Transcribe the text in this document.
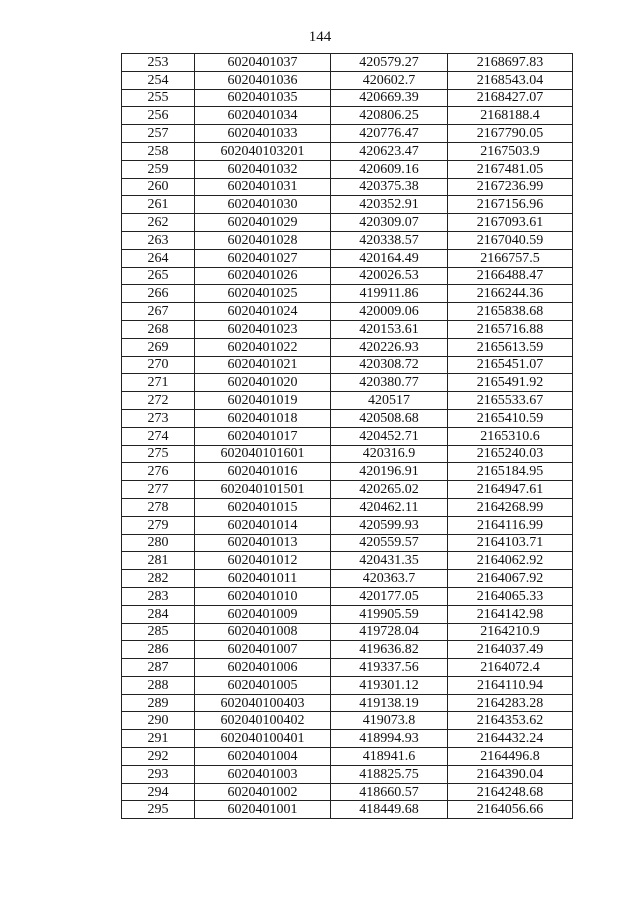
144
253	6020401037	420579.27	2168697.83
254	6020401036	420602.7	2168543.04
255	6020401035	420669.39	2168427.07
256	6020401034	420806.25	2168188.4
257	6020401033	420776.47	2167790.05
258	602040103201	420623.47	2167503.9
259	6020401032	420609.16	2167481.05
260	6020401031	420375.38	2167236.99
261	6020401030	420352.91	2167156.96
262	6020401029	420309.07	2167093.61
263	6020401028	420338.57	2167040.59
264	6020401027	420164.49	2166757.5
265	6020401026	420026.53	2166488.47
266	6020401025	419911.86	2166244.36
267	6020401024	420009.06	2165838.68
268	6020401023	420153.61	2165716.88
269	6020401022	420226.93	2165613.59
270	6020401021	420308.72	2165451.07
271	6020401020	420380.77	2165491.92
272	6020401019	420517	2165533.67
273	6020401018	420508.68	2165410.59
274	6020401017	420452.71	2165310.6
275	602040101601	420316.9	2165240.03
276	6020401016	420196.91	2165184.95
277	602040101501	420265.02	2164947.61
278	6020401015	420462.11	2164268.99
279	6020401014	420599.93	2164116.99
280	6020401013	420559.57	2164103.71
281	6020401012	420431.35	2164062.92
282	6020401011	420363.7	2164067.92
283	6020401010	420177.05	2164065.33
284	6020401009	419905.59	2164142.98
285	6020401008	419728.04	2164210.9
286	6020401007	419636.82	2164037.49
287	6020401006	419337.56	2164072.4
288	6020401005	419301.12	2164110.94
289	602040100403	419138.19	2164283.28
290	602040100402	419073.8	2164353.62
291	602040100401	418994.93	2164432.24
292	6020401004	418941.6	2164496.8
293	6020401003	418825.75	2164390.04
294	6020401002	418660.57	2164248.68
295	6020401001	418449.68	2164056.66
